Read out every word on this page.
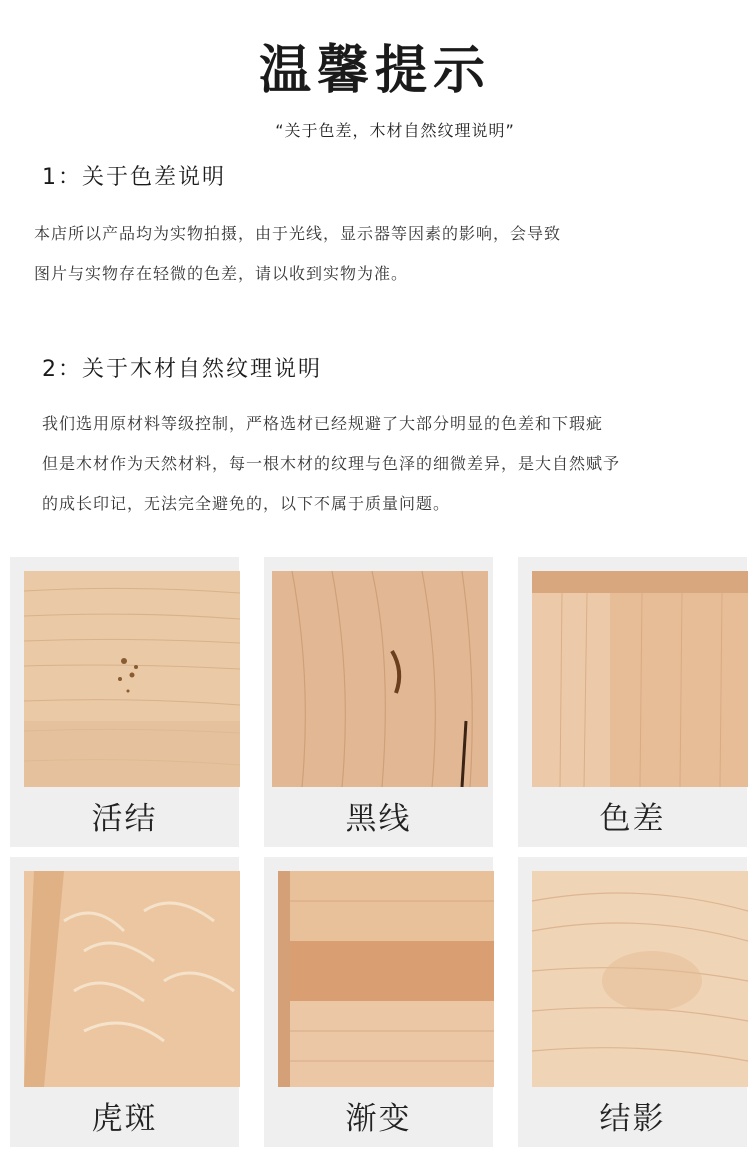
温馨提示
“关于色差，木材自然纹理说明”
1：关于色差说明

本店所以产品均为实物拍摄，由于光线，显示器等因素的影响，会导致

图片与实物存在轻微的色差，请以收到实物为准。

2：关于木材自然纹理说明

我们选用原材料等级控制，严格选材已经规避了大部分明显的色差和下瑕疵

但是木材作为天然材料，每一根木材的纹理与色泽的细微差异，是大自然赋予

的成长印记，无法完全避免的，以下不属于质量问题。

活结	黑线	色差
虎斑	渐变	结影
